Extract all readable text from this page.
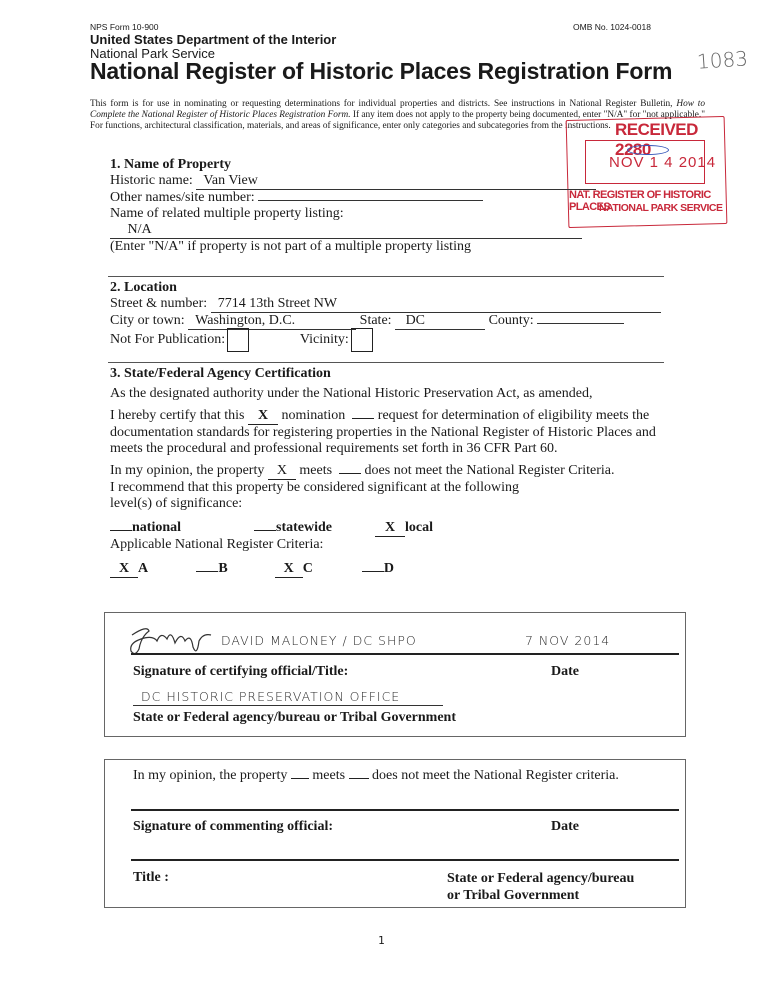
NPS Form 10-900	OMB No. 1024-0018
United States Department of the Interior
National Park Service
National Register of Historic Places Registration Form 1083
This form is for use in nominating or requesting determinations for individual properties and districts. See instructions in National Register Bulletin, How to Complete the National Register of Historic Places Registration Form. If any item does not apply to the property being documented, enter "N/A" for "not applicable." For functions, architectural classification, materials, and areas of significance, enter only categories and subcategories from the instructions. RECEIVED 2280
NOV 1 4 2014
NAT. REGISTER OF HISTORIC PLACES
NATIONAL PARK SERVICE
1. Name of Property
Historic name: Van View
Other names/site number:
Name of related multiple property listing:
N/A
(Enter "N/A" if property is not part of a multiple property listing
2. Location
Street & number: 7714 13th Street NW
City or town: Washington, D.C.	State: DC	County:
Not For Publication:	Vicinity:
3. State/Federal Agency Certification
As the designated authority under the National Historic Preservation Act, as amended,
I hereby certify that this X nomination request for determination of eligibility meets the documentation standards for registering properties in the National Register of Historic Places and meets the procedural and professional requirements set forth in 36 CFR Part 60.
In my opinion, the property X meets does not meet the National Register Criteria.
I recommend that this property be considered significant at the following level(s) of significance:
national	statewide	X local
Applicable National Register Criteria:
X A	B	X C	D
DAVID MALONEY / DC SHPO	7 NOV 2014
Signature of certifying official/Title:	Date
DC HISTORIC PRESERVATION OFFICE
State or Federal agency/bureau or Tribal Government
In my opinion, the property meets does not meet the National Register criteria.
Signature of commenting official:	Date
Title :	State or Federal agency/bureau
or Tribal Government
1
